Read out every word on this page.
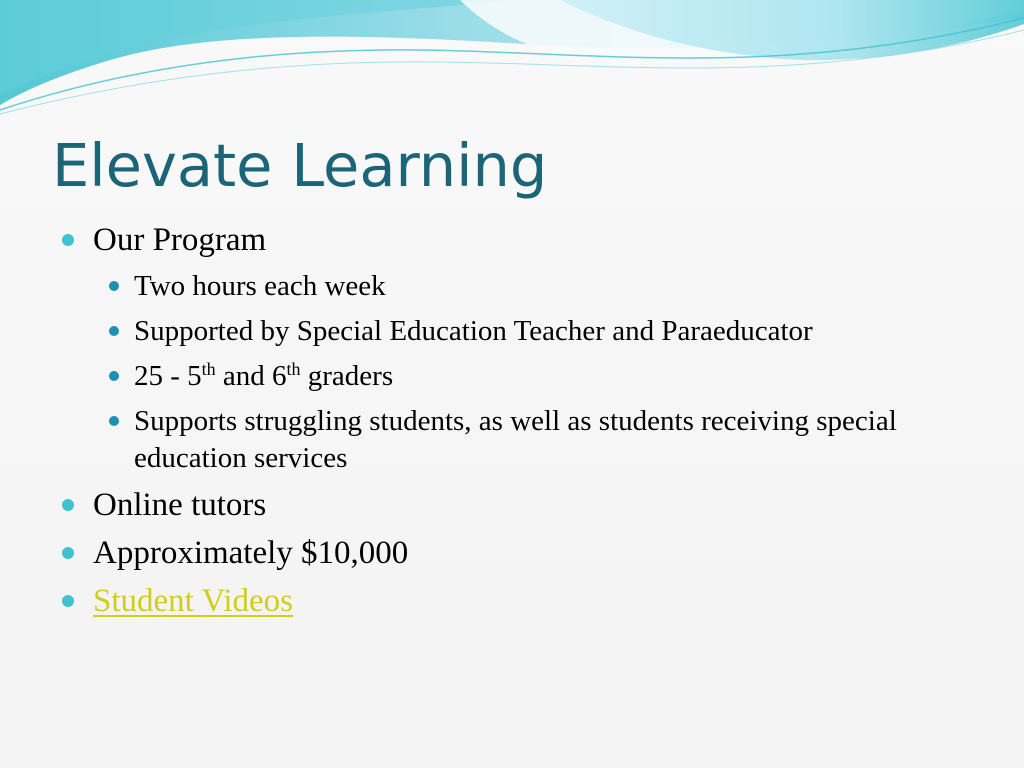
Elevate Learning
Our Program
Two hours each week
Supported by Special Education Teacher and Paraeducator
25 - 5th and 6th graders
Supports struggling students, as well as students receiving special education services
Online tutors
Approximately $10,000
Student Videos
